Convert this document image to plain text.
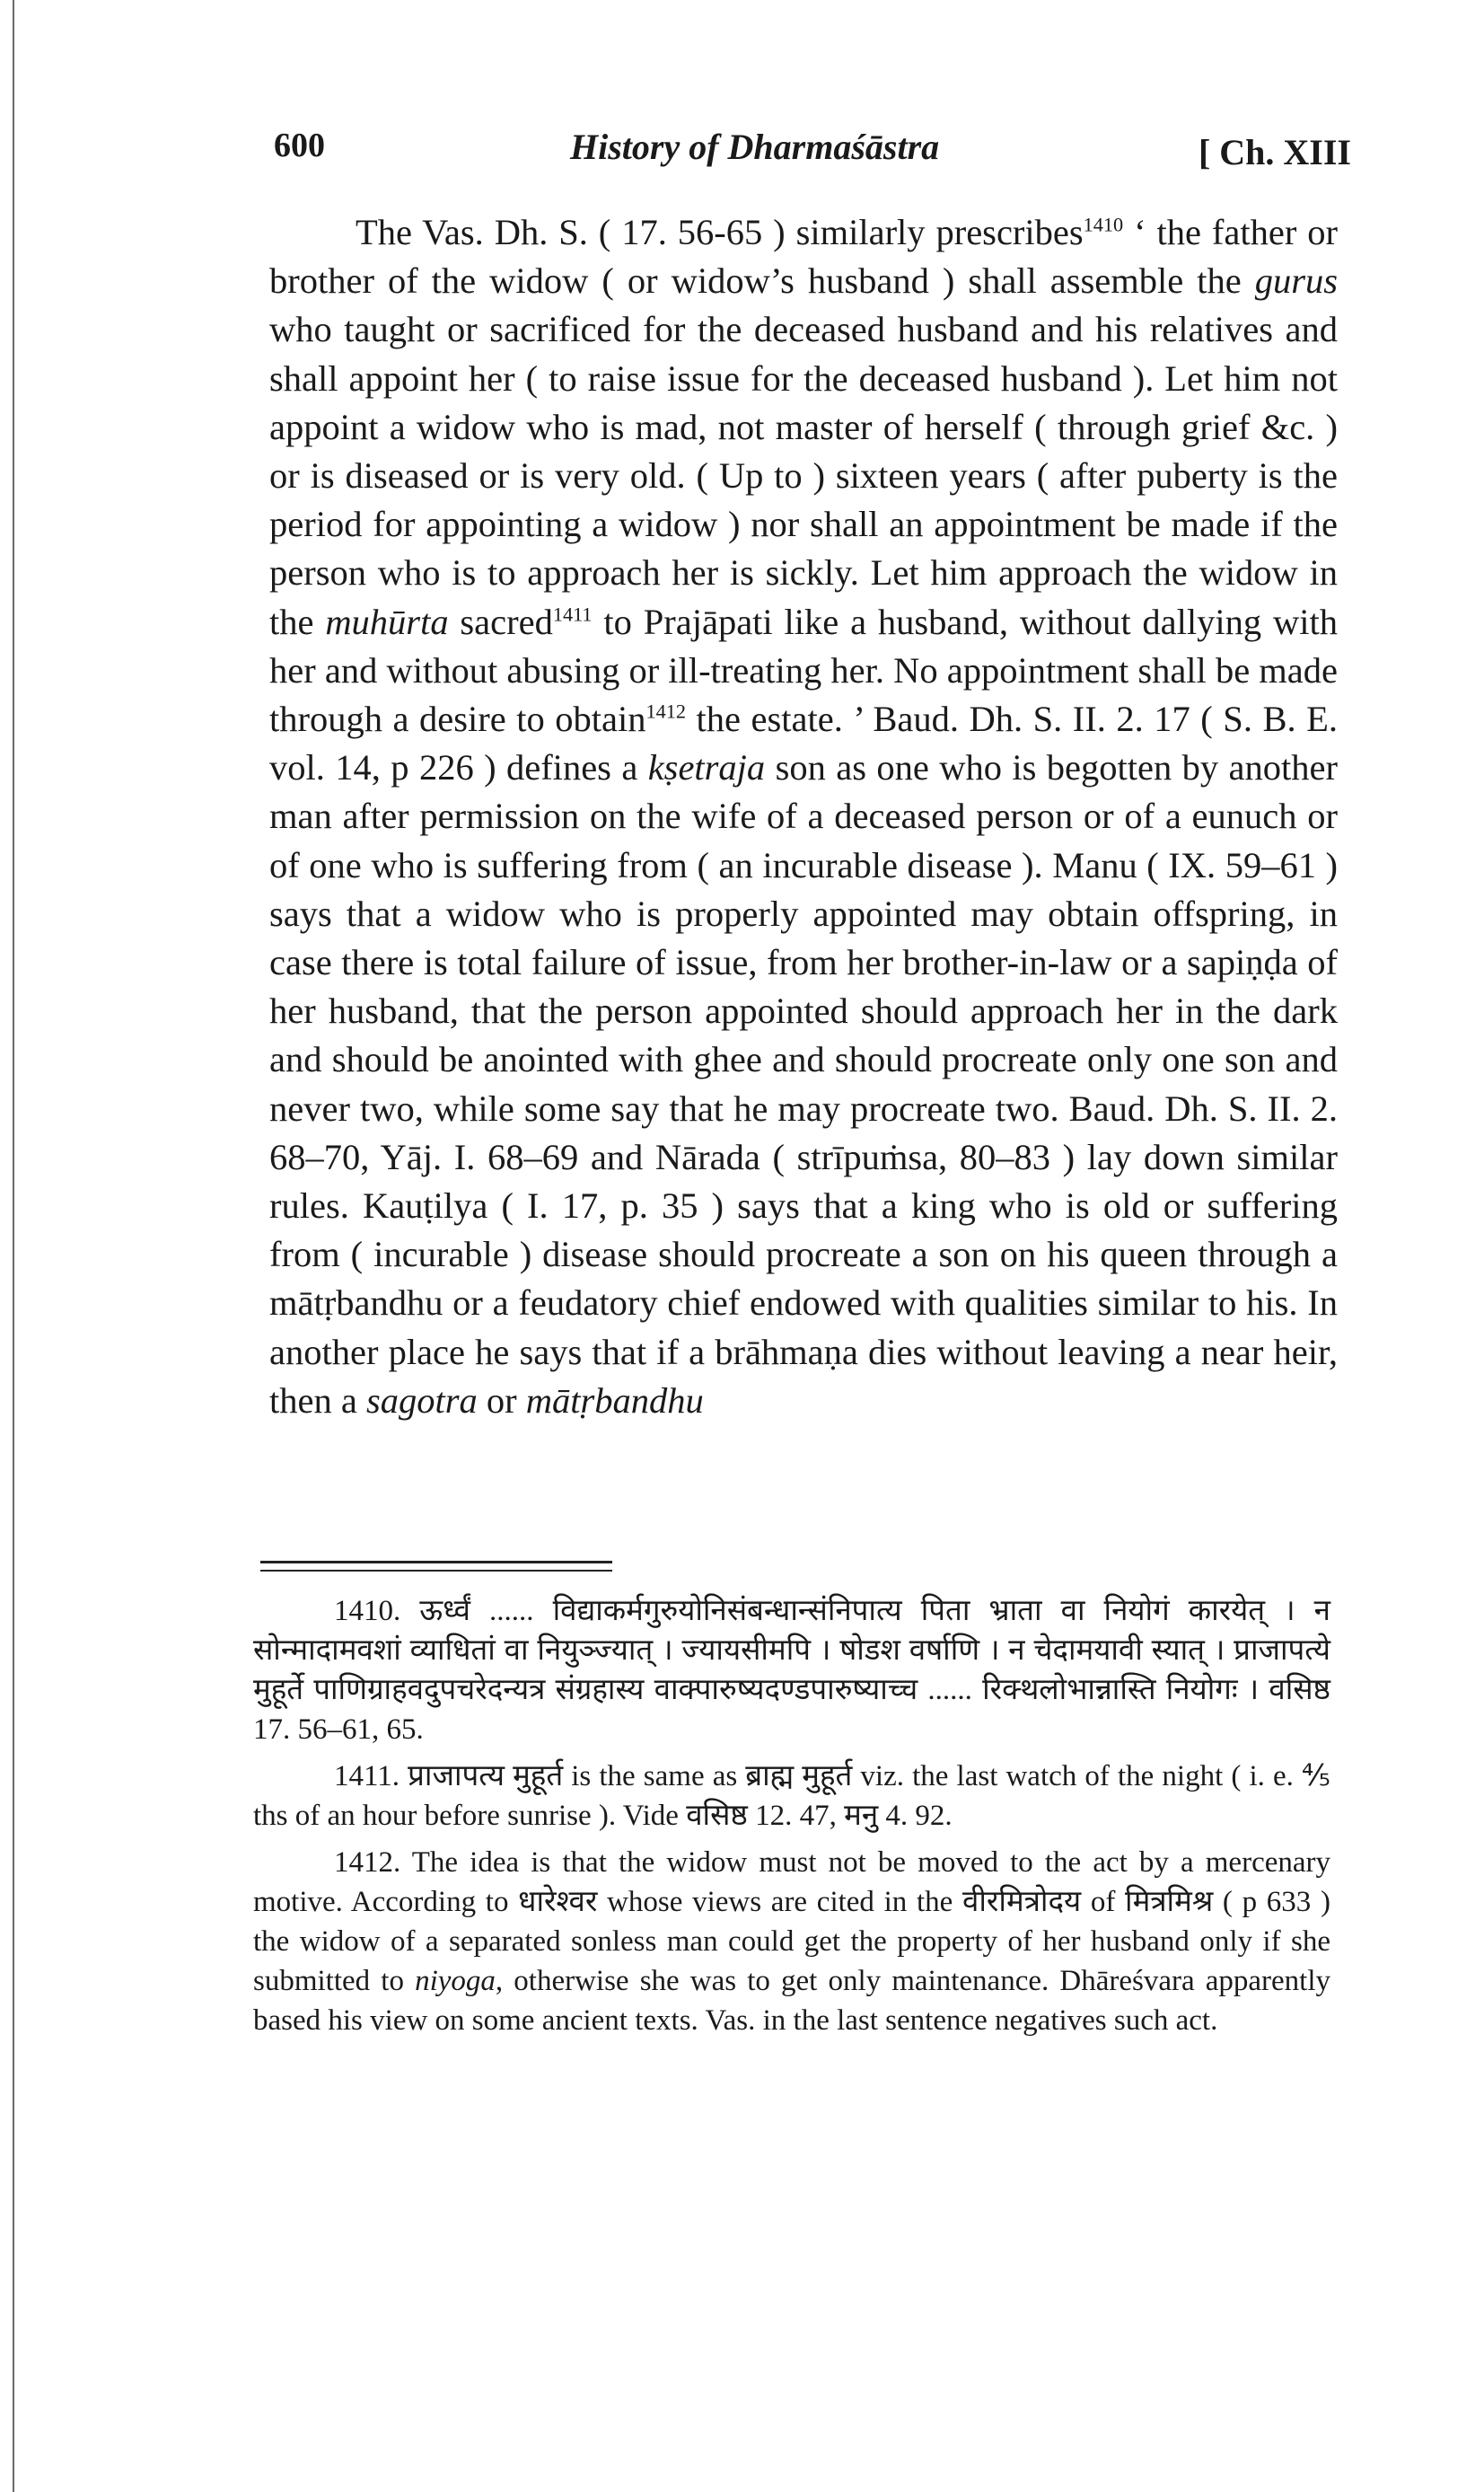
600	History of Dharmaśāstra	[ Ch. XIII

The Vas. Dh. S. ( 17. 56-65 ) similarly prescribes$^{1410}$ ‘ the father or brother of the widow ( or widow’s husband ) shall assemble the gurus who taught or sacrificed for the deceased husband and his relatives and shall appoint her ( to raise issue for the deceased husband ). Let him not appoint a widow who is mad, not master of herself ( through grief &c. ) or is diseased or is very old. ( Up to ) sixteen years ( after puberty is the period for appointing a widow ) nor shall an appointment be made if the person who is to approach her is sickly. Let him approach the widow in the muhūrta sacred$^{1411}$ to Prajāpati like a husband, without dallying with her and without abusing or ill-treating her. No appointment shall be made through a desire to obtain$^{1412}$ the estate. ’ Baud. Dh. S. II. 2. 17 ( S. B. E. vol. 14, p 226 ) defines a kṣetraja son as one who is begotten by another man after permission on the wife of a deceased person or of a eunuch or of one who is suffering from ( an incurable disease ). Manu ( IX. 59–61 ) says that a widow who is properly appointed may obtain offspring, in case there is total failure of issue, from her brother-in-law or a sapiṇḍa of her husband, that the person appointed should approach her in the dark and should be anointed with ghee and should procreate only one son and never two, while some say that he may procreate two. Baud. Dh. S. II. 2. 68–70, Yāj. I. 68–69 and Nārada ( strīpuṁsa, 80–83 ) lay down similar rules. Kauṭilya ( I. 17, p. 35 ) says that a king who is old or suffering from ( incurable ) disease should procreate a son on his queen through a mātṛbandhu or a feudatory chief endowed with qualities similar to his. In another place he says that if a brāhmaṇa dies without leaving a near heir, then a sagotra or mātṛbandhu

1410. ऊर्ध्वं ...... विद्याकर्मगुरुयोनिसंबन्धान्संनिपात्य पिता भ्राता वा नियोगं कारयेत् । न सोन्मादामवशां व्याधितां वा नियुञ्ज्यात् । ज्यायसीमपि । षोडश वर्षाणि । न चेदामयावी स्यात् । प्राजापत्ये मुहूर्ते पाणिग्राहवदुपचरेदन्यत्र संग्रहास्य वाक्पारुष्यदण्डपारुष्याच्च ...... रिक्थलोभान्नास्ति नियोगः । वसिष्ठ 17. 56–61, 65.

1411. प्राजापत्य मुहूर्त is the same as ब्राह्म मुहूर्त viz. the last watch of the night ( i. e. ⅘ ths of an hour before sunrise ). Vide वसिष्ठ 12. 47, मनु 4. 92.

1412. The idea is that the widow must not be moved to the act by a mercenary motive. According to धारेश्वर whose views are cited in the वीरमित्रोदय of मित्रमिश्र ( p 633 ) the widow of a separated sonless man could get the property of her husband only if she submitted to niyoga, otherwise she was to get only maintenance. Dhāreśvara apparently based his view on some ancient texts. Vas. in the last sentence negatives such act.
